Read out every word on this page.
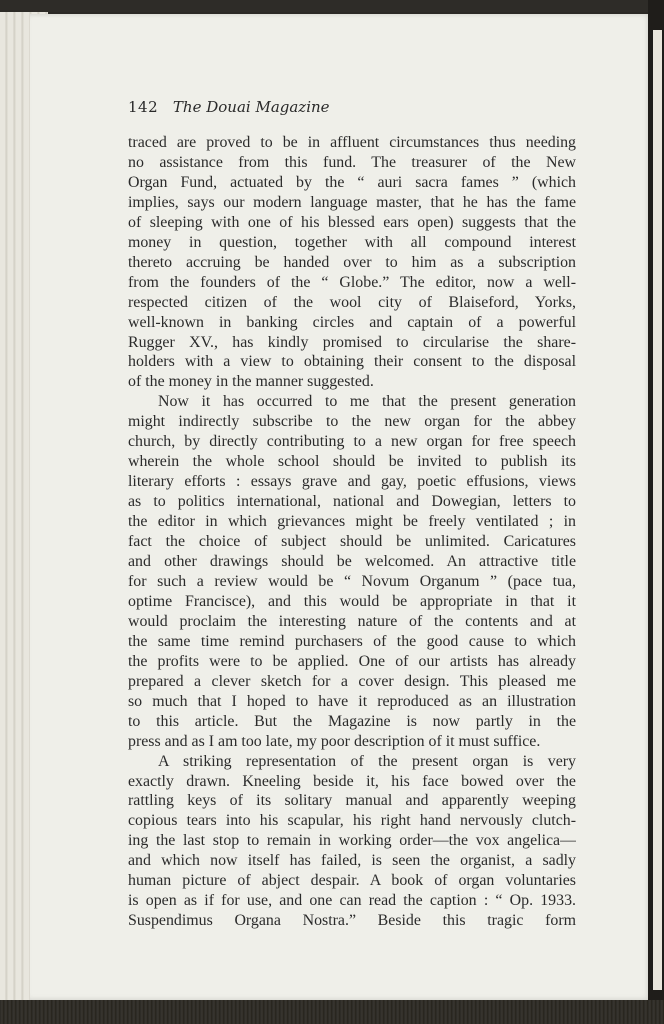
142 The Douai Magazine
traced are proved to be in affluent circumstances thus needing
no assistance from this fund. The treasurer of the New
Organ Fund, actuated by the “ auri sacra fames ” (which
implies, says our modern language master, that he has the fame
of sleeping with one of his blessed ears open) suggests that the
money in question, together with all compound interest
thereto accruing be handed over to him as a subscription
from the founders of the “ Globe.” The editor, now a well-
respected citizen of the wool city of Blaiseford, Yorks,
well-known in banking circles and captain of a powerful
Rugger XV., has kindly promised to circularise the share-
holders with a view to obtaining their consent to the disposal
of the money in the manner suggested.
Now it has occurred to me that the present generation
might indirectly subscribe to the new organ for the abbey
church, by directly contributing to a new organ for free speech
wherein the whole school should be invited to publish its
literary efforts : essays grave and gay, poetic effusions, views
as to politics international, national and Dowegian, letters to
the editor in which grievances might be freely ventilated ; in
fact the choice of subject should be unlimited. Caricatures
and other drawings should be welcomed. An attractive title
for such a review would be “ Novum Organum ” (pace tua,
optime Francisce), and this would be appropriate in that it
would proclaim the interesting nature of the contents and at
the same time remind purchasers of the good cause to which
the profits were to be applied. One of our artists has already
prepared a clever sketch for a cover design. This pleased me
so much that I hoped to have it reproduced as an illustration
to this article. But the Magazine is now partly in the
press and as I am too late, my poor description of it must suffice.
A striking representation of the present organ is very
exactly drawn. Kneeling beside it, his face bowed over the
rattling keys of its solitary manual and apparently weeping
copious tears into his scapular, his right hand nervously clutch-
ing the last stop to remain in working order—the vox angelica—
and which now itself has failed, is seen the organist, a sadly
human picture of abject despair. A book of organ voluntaries
is open as if for use, and one can read the caption : “ Op. 1933.
Suspendimus Organa Nostra.” Beside this tragic form
